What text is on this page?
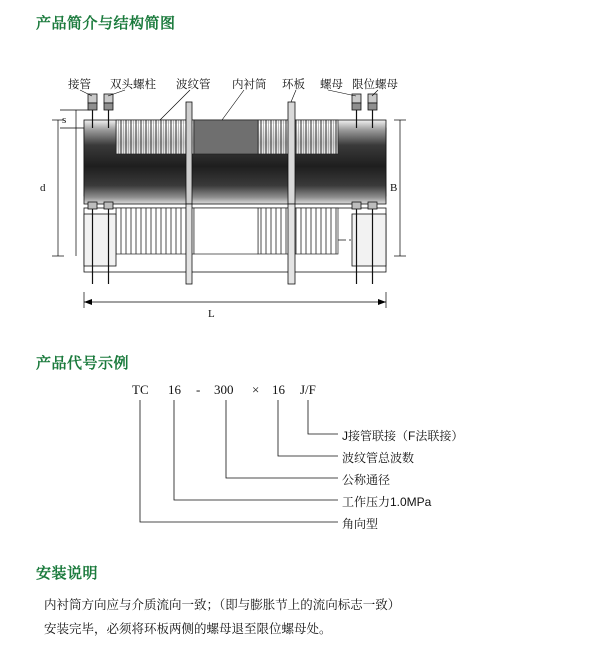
产品简介与结构简图
产品代号示例
安装说明
接管 双头螺柱 波纹管 内衬筒 环板 螺母 限位螺母
s
d	B
L
TC 16 - 300 × 16 J/F
J接管联接（F法联接）
波纹管总波数
公称通径
工作压力1.0MPa
角向型

内衬筒方向应与介质流向一致；（即与膨胀节上的流向标志一致）

安装完毕，必须将环板两侧的螺母退至限位螺母处。
